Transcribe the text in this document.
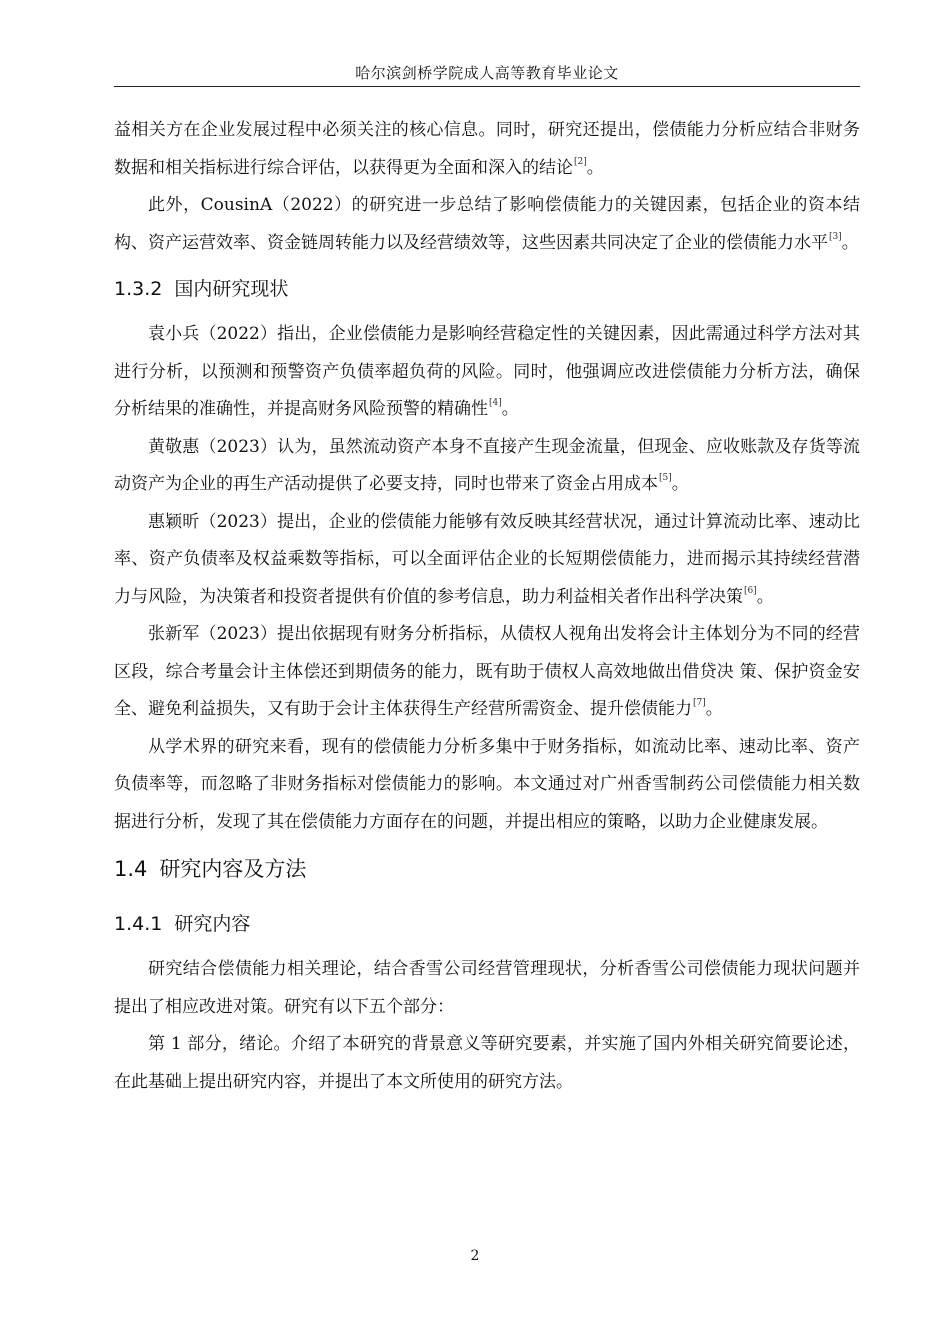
哈尔滨剑桥学院成人高等教育毕业论文

益相关方在企业发展过程中必须关注的核心信息。同时，研究还提出，偿债能力分析应结合非财务数据和相关指标进行综合评估，以获得更为全面和深入的结论[2]。

此外，CousinA（2022）的研究进一步总结了影响偿债能力的关键因素，包括企业的资本结构、资产运营效率、资金链周转能力以及经营绩效等，这些因素共同决定了企业的偿债能力水平[3]。

1.3.2 国内研究现状

袁小兵（2022）指出，企业偿债能力是影响经营稳定性的关键因素，因此需通过科学方法对其进行分析，以预测和预警资产负债率超负荷的风险。同时，他强调应改进偿债能力分析方法，确保分析结果的准确性，并提高财务风险预警的精确性[4]。

黄敬惠（2023）认为，虽然流动资产本身不直接产生现金流量，但现金、应收账款及存货等流动资产为企业的再生产活动提供了必要支持，同时也带来了资金占用成本[5]。

惠颖昕（2023）提出，企业的偿债能力能够有效反映其经营状况，通过计算流动比率、速动比率、资产负债率及权益乘数等指标，可以全面评估企业的长短期偿债能力，进而揭示其持续经营潜力与风险，为决策者和投资者提供有价值的参考信息，助力利益相关者作出科学决策[6]。

张新军（2023）提出依据现有财务分析指标，从债权人视角出发将会计主体划分为不同的经营区段，综合考量会计主体偿还到期债务的能力，既有助于债权人高效地做出借贷决 策、保护资金安全、避免利益损失，又有助于会计主体获得生产经营所需资金、提升偿债能力[7]。

从学术界的研究来看，现有的偿债能力分析多集中于财务指标，如流动比率、速动比率、资产负债率等，而忽略了非财务指标对偿债能力的影响。本文通过对广州香雪制药公司偿债能力相关数据进行分析，发现了其在偿债能力方面存在的问题，并提出相应的策略，以助力企业健康发展。

1.4 研究内容及方法
1.4.1 研究内容

研究结合偿债能力相关理论，结合香雪公司经营管理现状，分析香雪公司偿债能力现状问题并提出了相应改进对策。研究有以下五个部分：

第 1 部分，绪论。介绍了本研究的背景意义等研究要素，并实施了国内外相关研究简要论述，在此基础上提出研究内容，并提出了本文所使用的研究方法。

2
